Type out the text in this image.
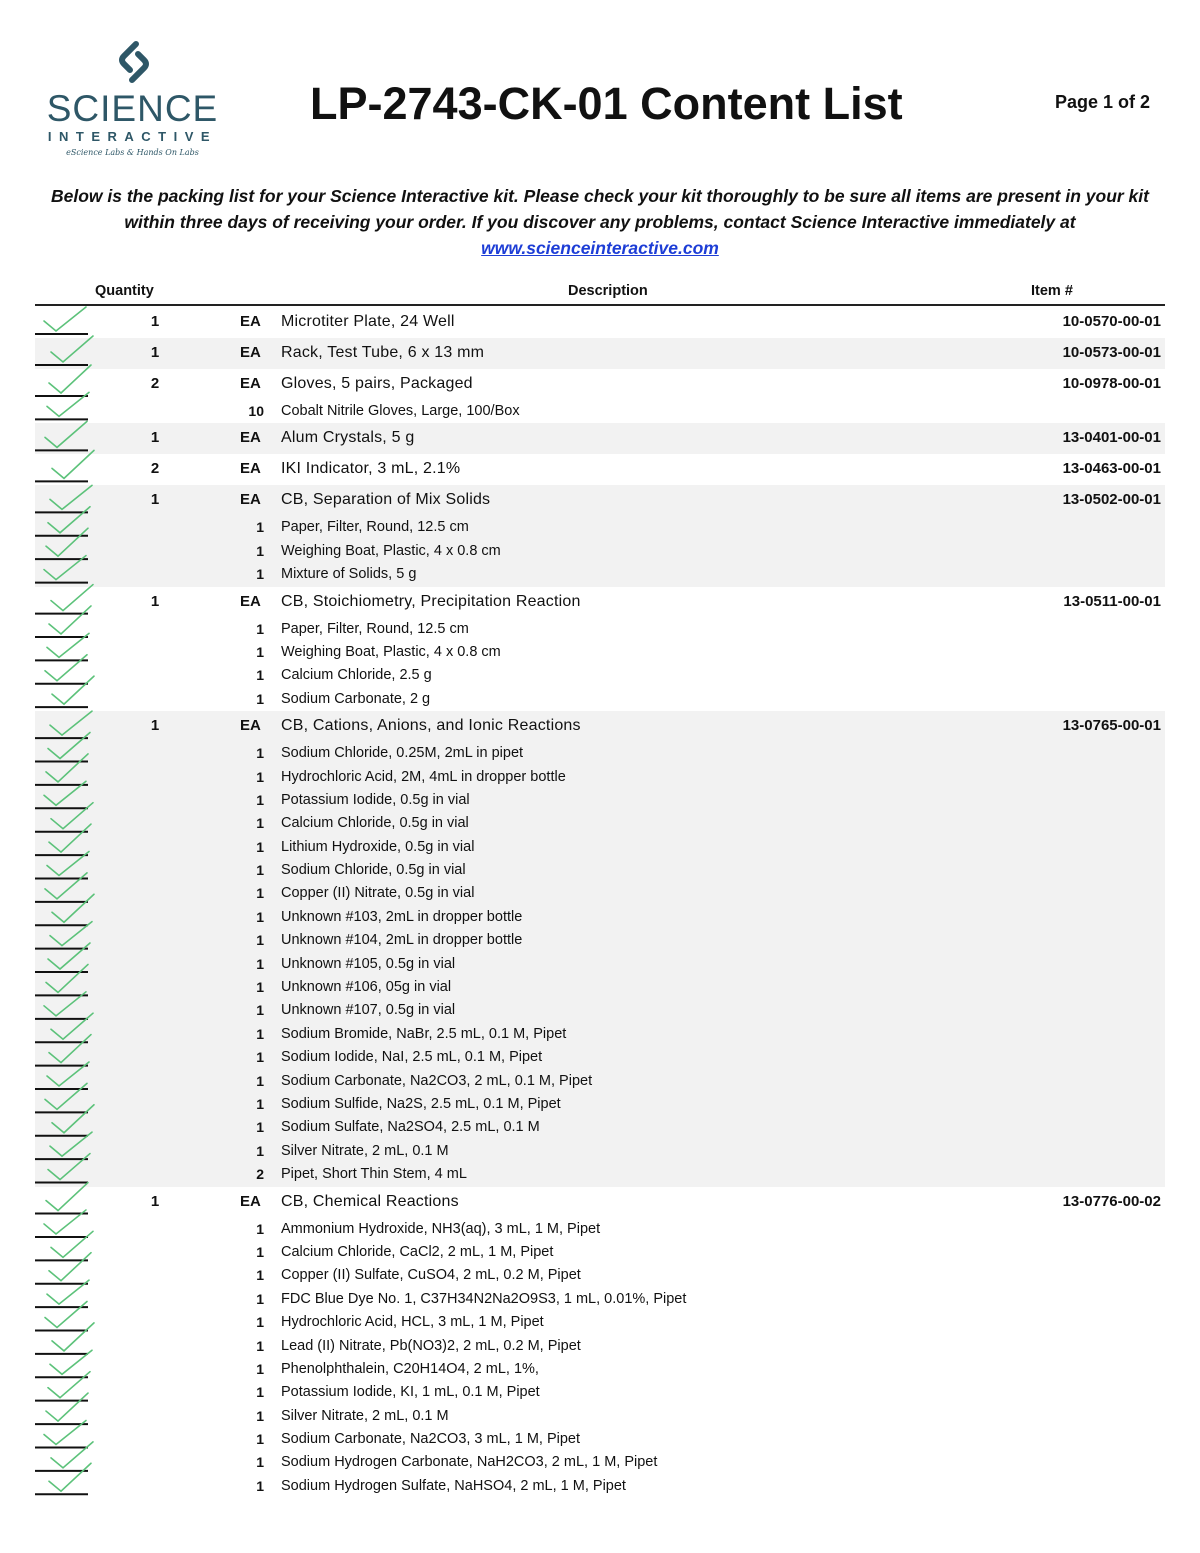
SCIENCE
INTERACTIVE
eScience Labs & Hands On Labs
LP-2743-CK-01 Content List	Page 1 of 2
Below is the packing list for your Science Interactive kit. Please check your kit thoroughly to be sure all items are present in your kit within three days of receiving your order. If you discover any problems, contact Science Interactive immediately at
www.scienceinteractive.com
Quantity	Description	Item #
1	EA Microtiter Plate, 24 Well	10-0570-00-01
1	EA Rack, Test Tube, 6 x 13 mm	10-0573-00-01
2	EA Gloves, 5 pairs, Packaged	10-0978-00-01
10 Cobalt Nitrile Gloves, Large, 100/Box
1	EA Alum Crystals, 5 g	13-0401-00-01
2	EA IKI Indicator, 3 mL, 2.1%	13-0463-00-01
1	EA CB, Separation of Mix Solids	13-0502-00-01
1 Paper, Filter, Round, 12.5 cm
1 Weighing Boat, Plastic, 4 x 0.8 cm
1 Mixture of Solids, 5 g
1	EA CB, Stoichiometry, Precipitation Reaction	13-0511-00-01
1 Paper, Filter, Round, 12.5 cm
1 Weighing Boat, Plastic, 4 x 0.8 cm
1 Calcium Chloride, 2.5 g
1 Sodium Carbonate, 2 g
1	EA CB, Cations, Anions, and Ionic Reactions	13-0765-00-01
1 Sodium Chloride, 0.25M, 2mL in pipet
1 Hydrochloric Acid, 2M, 4mL in dropper bottle
1 Potassium Iodide, 0.5g in vial
1 Calcium Chloride, 0.5g in vial
1 Lithium Hydroxide, 0.5g in vial
1 Sodium Chloride, 0.5g in vial
1 Copper (II) Nitrate, 0.5g in vial
1 Unknown #103, 2mL in dropper bottle
1 Unknown #104, 2mL in dropper bottle
1 Unknown #105, 0.5g in vial
1 Unknown #106, 05g in vial
1 Unknown #107, 0.5g in vial
1 Sodium Bromide, NaBr, 2.5 mL, 0.1 M, Pipet
1 Sodium Iodide, NaI, 2.5 mL, 0.1 M, Pipet
1 Sodium Carbonate, Na2CO3, 2 mL, 0.1 M, Pipet
1 Sodium Sulfide, Na2S, 2.5 mL, 0.1 M, Pipet
1 Sodium Sulfate, Na2SO4, 2.5 mL, 0.1 M
1 Silver Nitrate, 2 mL, 0.1 M
2 Pipet, Short Thin Stem, 4 mL
1	EA CB, Chemical Reactions	13-0776-00-02
1 Ammonium Hydroxide, NH3(aq), 3 mL, 1 M, Pipet
1 Calcium Chloride, CaCl2, 2 mL, 1 M, Pipet
1 Copper (II) Sulfate, CuSO4, 2 mL, 0.2 M, Pipet
1 FDC Blue Dye No. 1, C37H34N2Na2O9S3, 1 mL, 0.01%, Pipet
1 Hydrochloric Acid, HCL, 3 mL, 1 M, Pipet
1 Lead (II) Nitrate, Pb(NO3)2, 2 mL, 0.2 M, Pipet
1 Phenolphthalein, C20H14O4, 2 mL, 1%,
1 Potassium Iodide, KI, 1 mL, 0.1 M, Pipet
1 Silver Nitrate, 2 mL, 0.1 M
1 Sodium Carbonate, Na2CO3, 3 mL, 1 M, Pipet
1 Sodium Hydrogen Carbonate, NaH2CO3, 2 mL, 1 M, Pipet
1 Sodium Hydrogen Sulfate, NaHSO4, 2 mL, 1 M, Pipet
